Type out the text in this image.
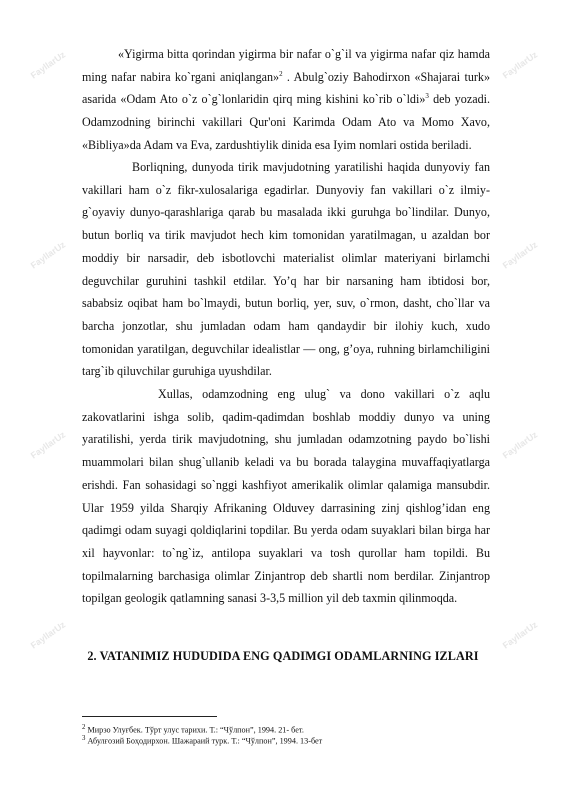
FayllarUz	FayllarUz
FayllarUz	FayllarUz
FayllarUz	FayllarUz
FayllarUz	FayllarUz

«Yigirma bitta qorindan yigirma bir nafar o`g`il va yigirma nafar qiz hamda ming nafar nabira ko`rgani aniqlangan»$^2$ . Abulg`oziy Bahodirxon «Shajarai turk» asarida «Odam Ato o`z o`g`lonlaridin qirq ming kishini ko`rib o`ldi»$^3$ deb yozadi. Odamzodning birinchi vakillari Qur'oni Karimda Odam Ato va Momo Xavo, «Bibliya»da Adam va Eva, zardushtiylik dinida esa Iyim nomlari ostida beriladi.

Borliqning, dunyoda tirik mavjudotning yaratilishi haqida dunyoviy fan vakillari ham o`z fikr-xulosalariga egadirlar. Dunyoviy fan vakillari o`z ilmiy-g`oyaviy dunyo-qarashlariga qarab bu masalada ikki guruhga bo`lindilar. Dunyo, butun borliq va tirik mavjudot hech kim tomonidan yaratilmagan, u azaldan bor moddiy bir narsadir, deb isbotlovchi materialist olimlar materiyani birlamchi deguvchilar guruhini tashkil etdilar. Yo’q har bir narsaning ham ibtidosi bor, sababsiz oqibat ham bo`lmaydi, butun borliq, yer, suv, o`rmon, dasht, cho`llar va barcha jonzotlar, shu jumladan odam ham qandaydir bir ilohiy kuch, xudo tomonidan yaratilgan, deguvchilar idealistlar — ong, g’oya, ruhning birlamchiligini targ`ib qiluvchilar guruhiga uyushdilar.

Xullas, odamzodning eng ulug` va dono vakillari o`z aqlu zakovatlarini ishga solib, qadim-qadimdan boshlab moddiy dunyo va uning yaratilishi, yerda tirik mavjudotning, shu jumladan odamzotning paydo bo`lishi muammolari bilan shug`ullanib keladi va bu borada talaygina muvaffaqiyatlarga erishdi. Fan sohasidagi so`nggi kashfiyot amerikalik olimlar qalamiga mansubdir. Ular 1959 yilda Sharqiy Afrikaning Olduvey darrasining zinj qishlog’idan eng qadimgi odam suyagi qoldiqlarini topdilar. Bu yerda odam suyaklari bilan birga har xil hayvonlar: to`ng`iz, antilopa suyaklari va tosh qurollar ham topildi. Bu topilmalarning barchasiga olimlar Zinjantrop deb shartli nom berdilar. Zinjantrop topilgan geologik qatlamning sanasi 3-3,5 million yil deb taxmin qilinmoqda.

2. VATANIMIZ HUDUDIDA ENG QADIMGI ODAMLARNING IZLARI

$^2$ Мирзо Улуғбек. Тўрт улус тарихи. Т.: “Чўлпон”, 1994. 21- бет.

$^3$ Абулғозий Боҳодирхон. Шажараий турк. Т.: “Чўлпон”, 1994. 13-бет
